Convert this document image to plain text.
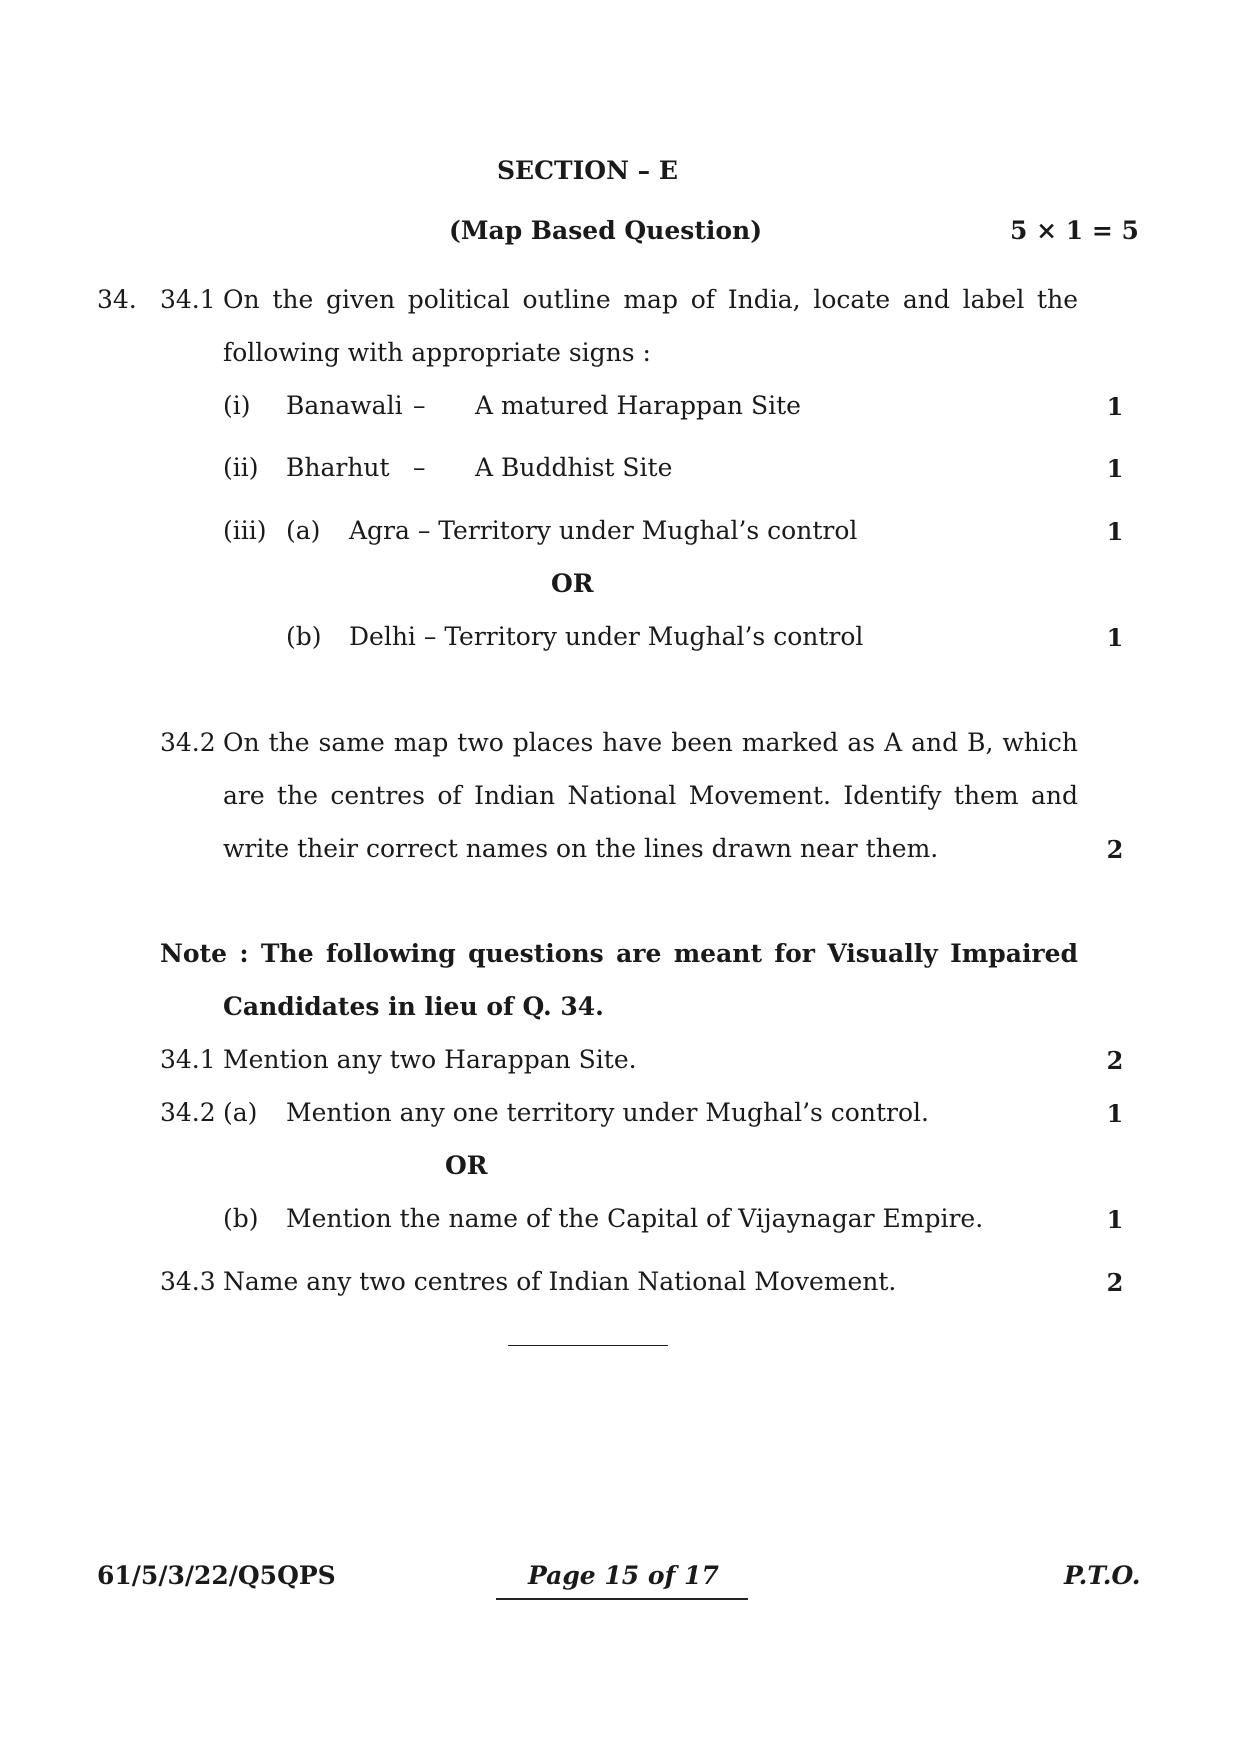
SECTION – E
(Map Based Question)	5 × 1 = 5
34. 34.1 On the given political outline map of India, locate and label the
following with appropriate signs :
(i) Banawali – A matured Harappan Site	1
(ii) Bharhut – A Buddhist Site	1
(iii) (a) Agra – Territory under Mughal’s control	1
OR
(b) Delhi – Territory under Mughal’s control	1
34.2 On the same map two places have been marked as A and B, which
are the centres of Indian National Movement. Identify them and
write their correct names on the lines drawn near them.	2
Note : The following questions are meant for Visually Impaired
Candidates in lieu of Q. 34.
34.1 Mention any two Harappan Site.	2
34.2 (a) Mention any one territory under Mughal’s control.	1
OR
(b) Mention the name of the Capital of Vijaynagar Empire.	1
34.3 Name any two centres of Indian National Movement.	2
61/5/3/22/Q5QPS	Page 15 of 17	P.T.O.
